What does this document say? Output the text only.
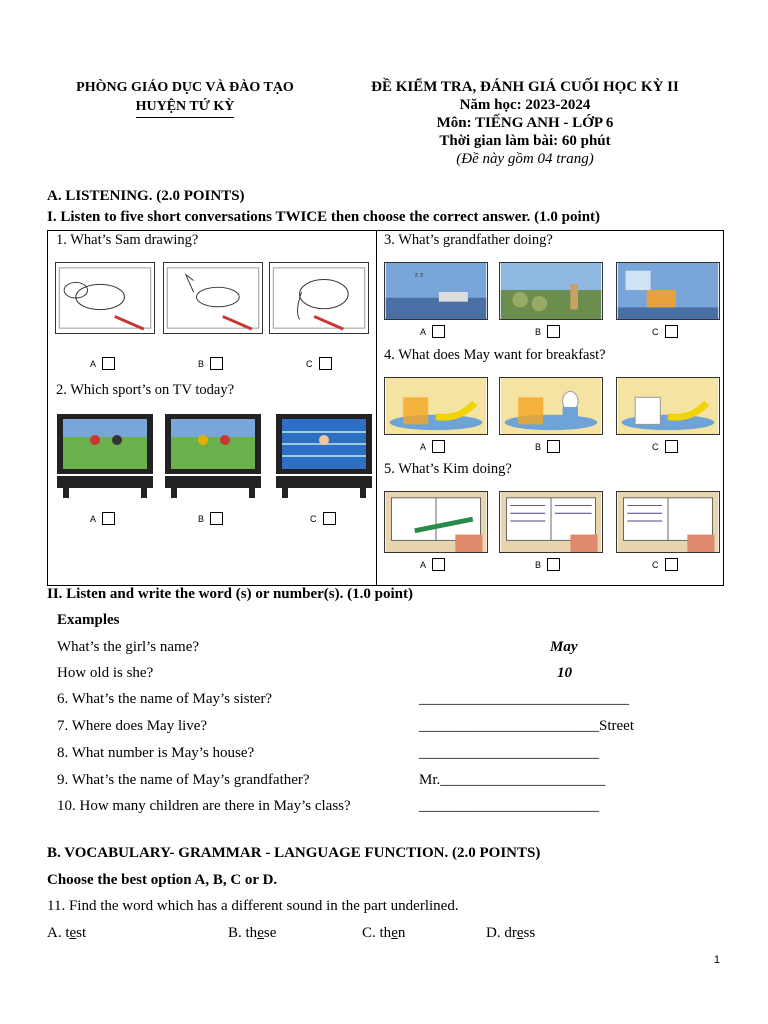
PHÒNG GIÁO DỤC VÀ ĐÀO TẠO
HUYỆN TỨ KỲ
ĐỀ KIỂM TRA, ĐÁNH GIÁ CUỐI HỌC KỲ II
Năm học: 2023-2024
Môn: TIẾNG ANH - LỚP 6
Thời gian làm bài: 60 phút
(Đề này gồm 04 trang)
A. LISTENING. (2.0 POINTS)
I. Listen to five short conversations TWICE then choose the correct answer. (1.0 point)
1. What’s Sam drawing?
A	B	C
2. Which sport’s on TV today?
A	B	C
3. What’s grandfather doing?
z z
A	B	C
4. What does May want for breakfast?
A	B	C
5. What’s Kim doing?
A	B	C
II. Listen and write the word (s) or number(s). (1.0 point)
Examples
What’s the girl’s name?	May
How old is she?	10
6. What’s the name of May’s sister?	____________________________
7. Where does May live?	________________________Street
8. What number is May’s house?	________________________
9. What’s the name of May’s grandfather?	Mr.______________________
10. How many children are there in May’s class?	________________________
B. VOCABULARY- GRAMMAR - LANGUAGE FUNCTION. (2.0 POINTS)
Choose the best option A, B, C or D.
11. Find the word which has a different sound in the part underlined.
A. test	B. these	C. then	D. dress
1
